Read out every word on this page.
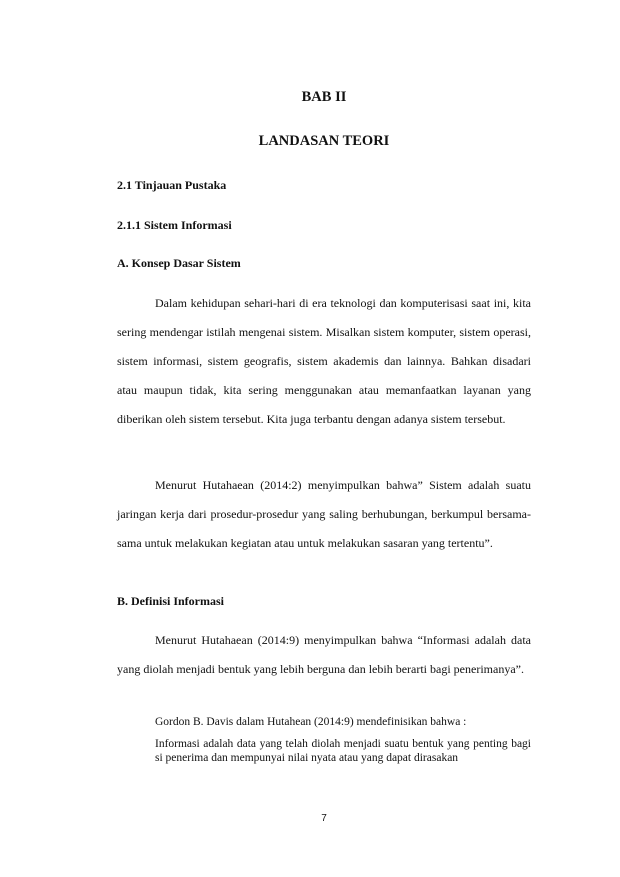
BAB II
LANDASAN TEORI
2.1 Tinjauan Pustaka
2.1.1 Sistem Informasi
A. Konsep Dasar Sistem

Dalam kehidupan sehari-hari di era teknologi dan komputerisasi saat ini, kita sering mendengar istilah mengenai sistem. Misalkan sistem komputer, sistem operasi, sistem informasi, sistem geografis, sistem akademis dan lainnya. Bahkan disadari atau maupun tidak, kita sering menggunakan atau memanfaatkan layanan yang diberikan oleh sistem tersebut. Kita juga terbantu dengan adanya sistem tersebut.

Menurut Hutahaean (2014:2) menyimpulkan bahwa” Sistem adalah suatu jaringan kerja dari prosedur-prosedur yang saling berhubungan, berkumpul bersama-sama untuk melakukan kegiatan atau untuk melakukan sasaran yang tertentu”.

B. Definisi Informasi

Menurut Hutahaean (2014:9) menyimpulkan bahwa “Informasi adalah data yang diolah menjadi bentuk yang lebih berguna dan lebih berarti bagi penerimanya”.

Gordon B. Davis dalam Hutahean (2014:9) mendefinisikan bahwa :

Informasi adalah data yang telah diolah menjadi suatu bentuk yang penting bagi si penerima dan mempunyai nilai nyata atau yang dapat dirasakan

7
